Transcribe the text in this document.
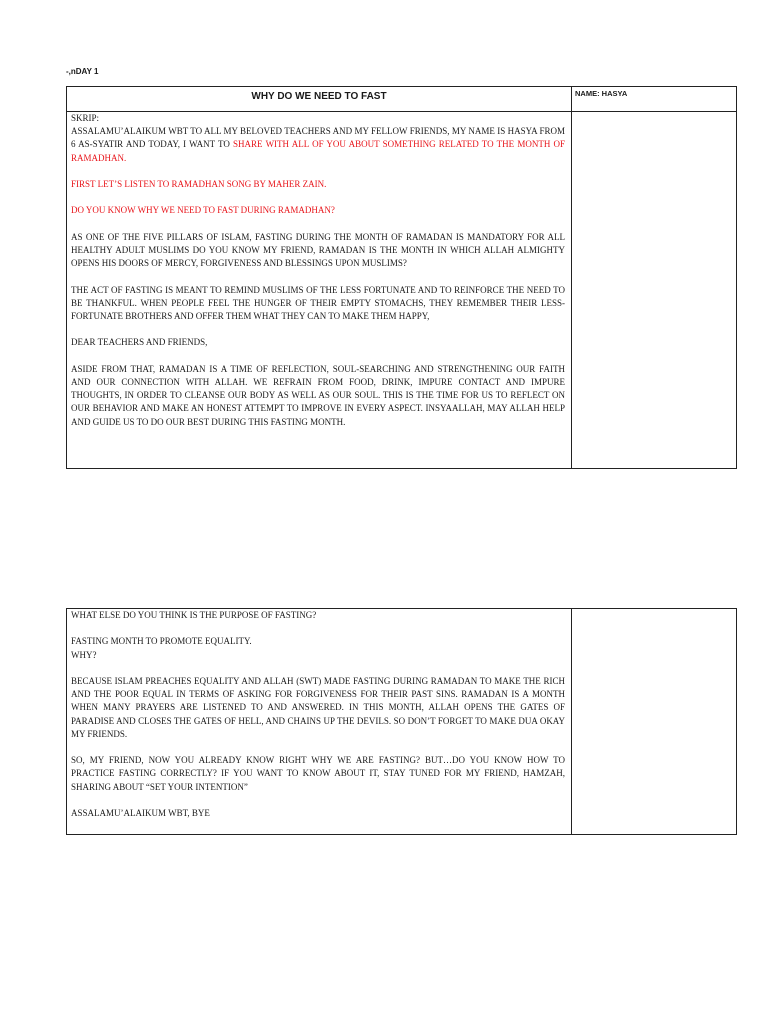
-,nDAY 1
WHY DO WE NEED TO FAST	NAME: HASYA

SKRIP:

ASSALAMU’ALAIKUM WBT TO ALL MY BELOVED TEACHERS AND MY FELLOW FRIENDS, MY NAME IS HASYA FROM 6 AS-SYATIR AND TODAY, I WANT TO SHARE WITH ALL OF YOU ABOUT SOMETHING RELATED TO THE MONTH OF RAMADHAN.

FIRST LET’S LISTEN TO RAMADHAN SONG BY MAHER ZAIN.

DO YOU KNOW WHY WE NEED TO FAST DURING RAMADHAN?

AS ONE OF THE FIVE PILLARS OF ISLAM, FASTING DURING THE MONTH OF RAMADAN IS MANDATORY FOR ALL HEALTHY ADULT MUSLIMS DO YOU KNOW MY FRIEND, RAMADAN IS THE MONTH IN WHICH ALLAH ALMIGHTY OPENS HIS DOORS OF MERCY, FORGIVENESS AND BLESSINGS UPON MUSLIMS?

THE ACT OF FASTING IS MEANT TO REMIND MUSLIMS OF THE LESS FORTUNATE AND TO REINFORCE THE NEED TO BE THANKFUL. WHEN PEOPLE FEEL THE HUNGER OF THEIR EMPTY STOMACHS, THEY REMEMBER THEIR LESS-FORTUNATE BROTHERS AND OFFER THEM WHAT THEY CAN TO MAKE THEM HAPPY,

DEAR TEACHERS AND FRIENDS,

ASIDE FROM THAT, RAMADAN IS A TIME OF REFLECTION, SOUL-SEARCHING AND STRENGTHENING OUR FAITH AND OUR CONNECTION WITH ALLAH. WE REFRAIN FROM FOOD, DRINK, IMPURE CONTACT AND IMPURE THOUGHTS, IN ORDER TO CLEANSE OUR BODY AS WELL AS OUR SOUL. THIS IS THE TIME FOR US TO REFLECT ON OUR BEHAVIOR AND MAKE AN HONEST ATTEMPT TO IMPROVE IN EVERY ASPECT. INSYAALLAH, MAY ALLAH HELP AND GUIDE US TO DO OUR BEST DURING THIS FASTING MONTH.

WHAT ELSE DO YOU THINK IS THE PURPOSE OF FASTING?

FASTING MONTH TO PROMOTE EQUALITY.

WHY?

BECAUSE ISLAM PREACHES EQUALITY AND ALLAH (SWT) MADE FASTING DURING RAMADAN TO MAKE THE RICH AND THE POOR EQUAL IN TERMS OF ASKING FOR FORGIVENESS FOR THEIR PAST SINS. RAMADAN IS A MONTH WHEN MANY PRAYERS ARE LISTENED TO AND ANSWERED. IN THIS MONTH, ALLAH OPENS THE GATES OF PARADISE AND CLOSES THE GATES OF HELL, AND CHAINS UP THE DEVILS. SO DON’T FORGET TO MAKE DUA OKAY MY FRIENDS.

SO, MY FRIEND, NOW YOU ALREADY KNOW RIGHT WHY WE ARE FASTING? BUT…DO YOU KNOW HOW TO PRACTICE FASTING CORRECTLY? IF YOU WANT TO KNOW ABOUT IT, STAY TUNED FOR MY FRIEND, HAMZAH, SHARING ABOUT “SET YOUR INTENTION”

ASSALAMU’ALAIKUM WBT, BYE
